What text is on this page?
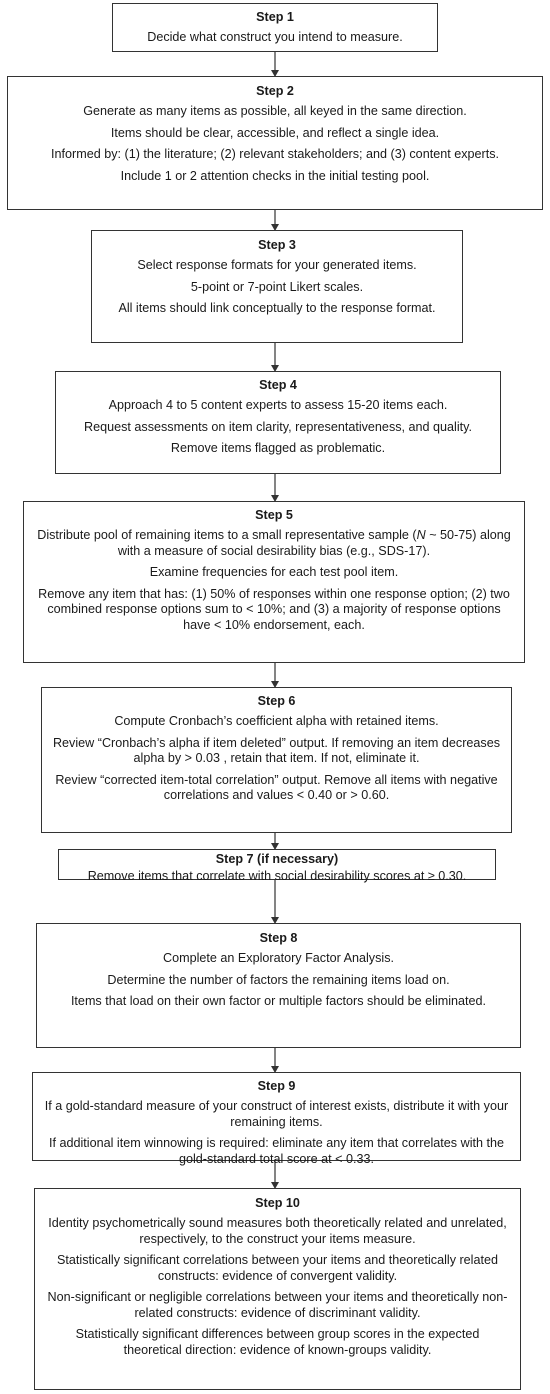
Step 1
Decide what construct you intend to measure.
Step 2
Generate as many items as possible, all keyed in the same direction.
Items should be clear, accessible, and reflect a single idea.
Informed by: (1) the literature; (2) relevant stakeholders; and (3) content experts.
Include 1 or 2 attention checks in the initial testing pool.
Step 3
Select response formats for your generated items.
5-point or 7-point Likert scales.
All items should link conceptually to the response format.
Step 4
Approach 4 to 5 content experts to assess 15-20 items each.
Request assessments on item clarity, representativeness, and quality.
Remove items flagged as problematic.
Step 5
Distribute pool of remaining items to a small representative sample (N ~ 50-75) along with a measure of social desirability bias (e.g., SDS-17).
Examine frequencies for each test pool item.
Remove any item that has: (1) 50% of responses within one response option; (2) two combined response options sum to < 10%; and (3) a majority of response options have < 10% endorsement, each.
Step 6
Compute Cronbach’s coefficient alpha with retained items.
Review “Cronbach’s alpha if item deleted” output. If removing an item decreases alpha by > 0.03 , retain that item. If not, eliminate it.
Review “corrected item-total correlation” output. Remove all items with negative correlations and values < 0.40 or > 0.60.
Step 7 (if necessary)
Remove items that correlate with social desirability scores at ≥ 0.30.
Step 8
Complete an Exploratory Factor Analysis.
Determine the number of factors the remaining items load on.
Items that load on their own factor or multiple factors should be eliminated.
Step 9
If a gold-standard measure of your construct of interest exists, distribute it with your remaining items.
If additional item winnowing is required: eliminate any item that correlates with the gold-standard total score at < 0.33.
Step 10
Identity psychometrically sound measures both theoretically related and unrelated, respectively, to the construct your items measure.
Statistically significant correlations between your items and theoretically related constructs: evidence of convergent validity.
Non-significant or negligible correlations between your items and theoretically non-related constructs: evidence of discriminant validity.
Statistically significant differences between group scores in the expected theoretical direction: evidence of known-groups validity.
